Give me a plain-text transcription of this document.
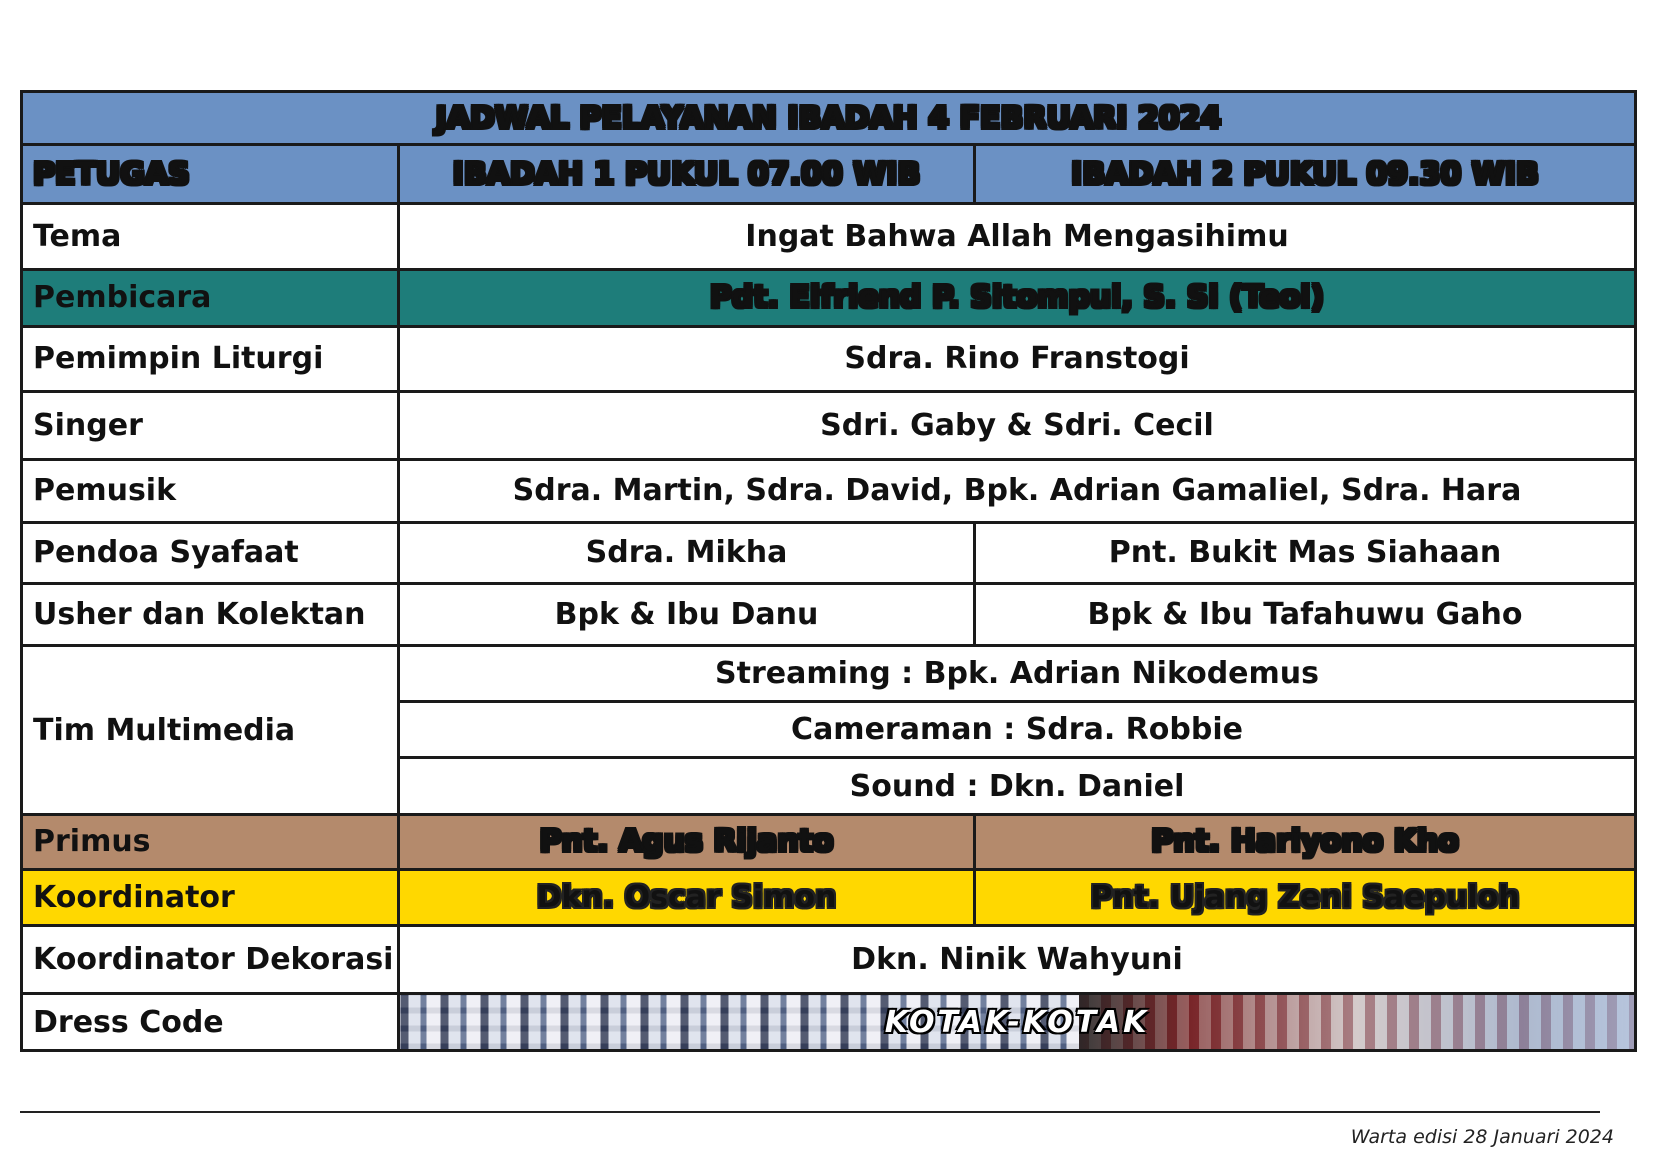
JADWAL PELAYANAN IBADAH 4 FEBRUARI 2024		
PETUGAS	IBADAH 1 PUKUL 07.00 WIB	IBADAH 2 PUKUL 09.30 WIB
Tema	Ingat Bahwa Allah Mengasihimu	
Pembicara	Pdt. Elfriend P. Sitompul, S. Si (Teol)	
Pemimpin Liturgi	Sdra. Rino Franstogi	
Singer	Sdri. Gaby & Sdri. Cecil	
Pemusik	Sdra. Martin, Sdra. David, Bpk. Adrian Gamaliel, Sdra. Hara	
Pendoa Syafaat	Sdra. Mikha	Pnt. Bukit Mas Siahaan
Usher dan Kolektan	Bpk & Ibu Danu	Bpk & Ibu Tafahuwu Gaho
Tim Multimedia	Streaming : Bpk. Adrian Nikodemus	
	Cameraman : Sdra. Robbie	
	Sound : Dkn. Daniel	
Primus	Pnt. Agus Rijanto	Pnt. Hariyono Kho
Koordinator	Dkn. Oscar Simon	Pnt. Ujang Zeni Saepuloh
Koordinator Dekorasi	Dkn. Ninik Wahyuni	
Dress Code	KOTAK-KOTAK	
Warta edisi 28 Januari 2024
